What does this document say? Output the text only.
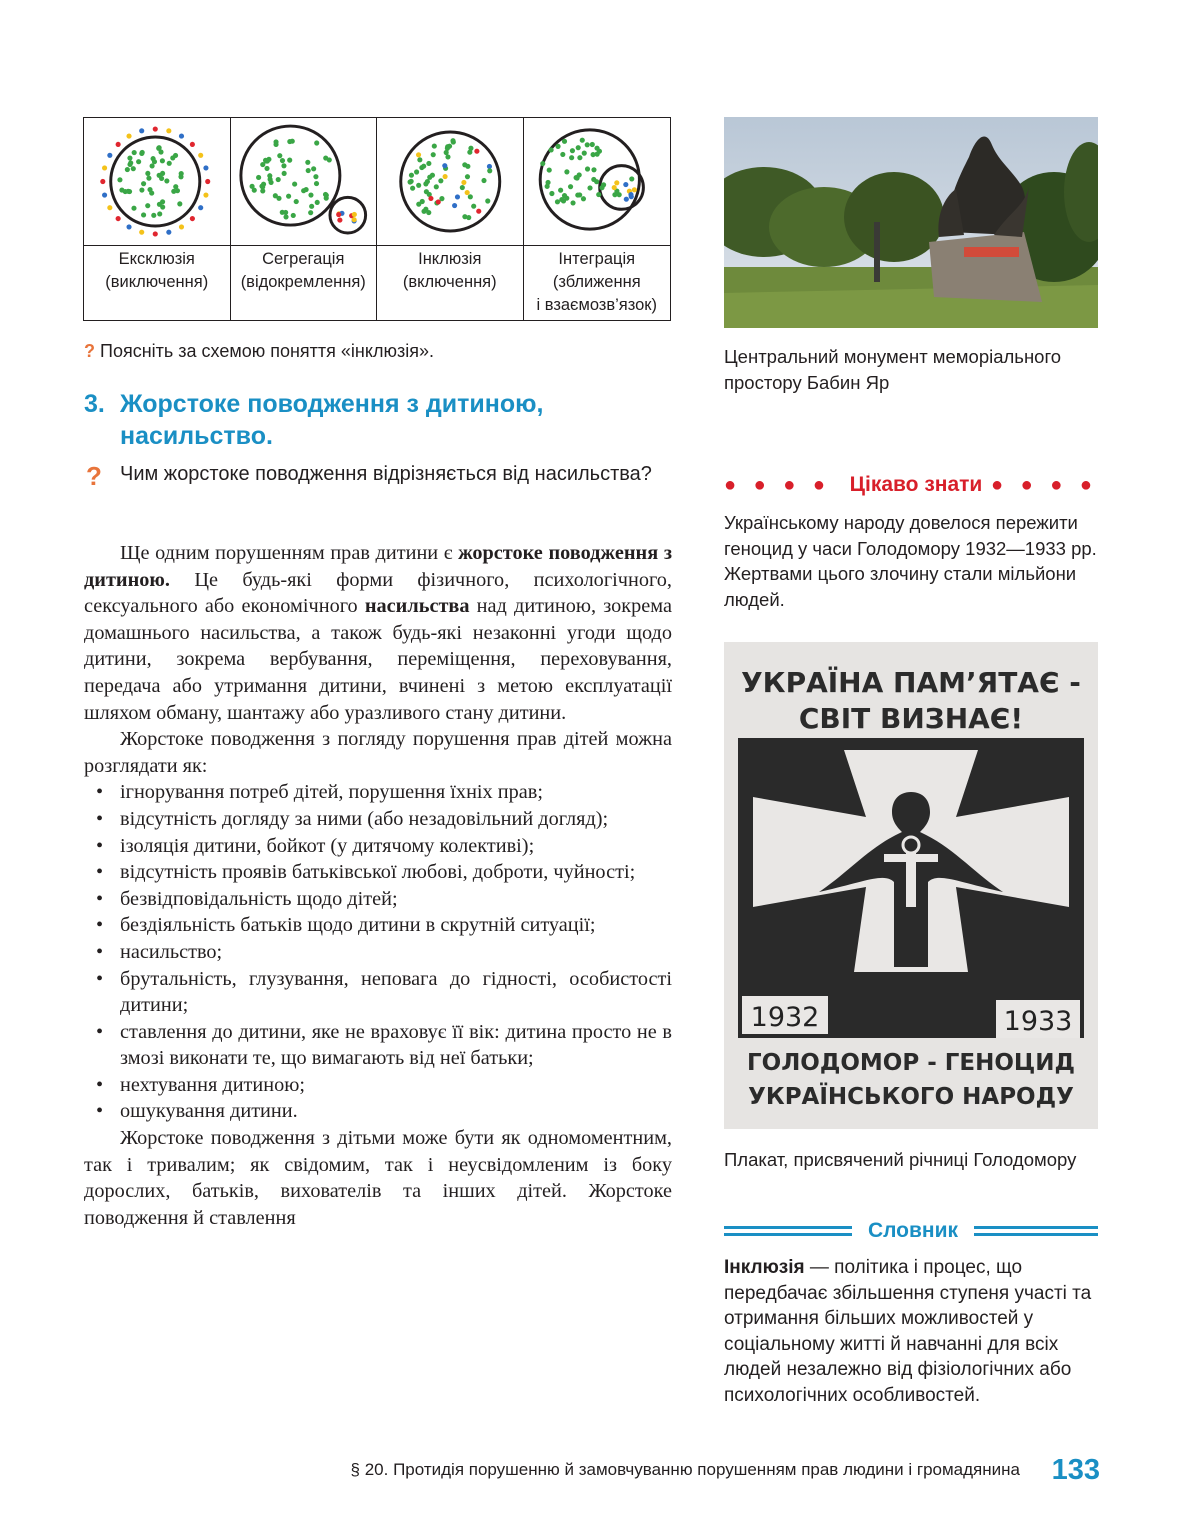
Ексклюзія
(виключення)
Сегрегація
(відокремлення)
Інклюзія
(включення)
Інтеграція
(зближення
і взаємозв’язок)
? Поясніть за схемою поняття «інклюзія».
3. Жорстоке поводження з дитиною,
насильство.
? Чим жорстоке поводження відрізняється від насильства?

Ще одним порушенням прав дитини є жорстоке поводження з дитиною. Це будь-які форми фізичного, психологічного, сексуального або економічного насильства над дитиною, зокрема домашнього насильства, а також будь-які незаконні угоди щодо дитини, зокрема вербування, переміщення, переховування, передача або утримання дитини, вчинені з метою експлуатації шляхом обману, шантажу або уразливого стану дитини.

Жорстоке поводження з погляду порушення прав дітей можна розглядати як:

• ігнорування потреб дітей, порушення їхніх прав;
• відсутність догляду за ними (або незадовільний догляд);
• ізоляція дитини, бойкот (у дитячому колективі);
• відсутність проявів батьківської любові, доброти, чуйності;
• безвідповідальність щодо дітей;
• бездіяльність батьків щодо дитини в скрутній ситуації;
• насильство;
• брутальність, глузування, неповага до гідності, особистості дитини;
• ставлення до дитини, яке не враховує її вік: дитина просто не в змозі виконати те, що вимагають від неї батьки;
• нехтування дитиною;
• ошукування дитини.

Жорстоке поводження з дітьми може бути як одномоментним, так і тривалим; як свідомим, так і неусвідомленим із боку дорослих, батьків, вихователів та інших дітей. Жорстоке поводження й ставлення

Центральний монумент меморіального простору Бабин Яр
● ● ● ● Цікаво знати ● ● ● ●
Українському народу довелося пережити геноцид у часи Голодомору 1932—1933 рр. Жертвами цього злочину стали мільйони людей.
УКРАЇНА ПАМ’ЯТАЄ -
СВІТ ВИЗНАЄ!
1932	1933
ГОЛОДОМОР - ГЕНОЦИД
УКРАЇНСЬКОГО НАРОДУ
Плакат, присвячений річниці Голодомору
Словник
Інклюзія — політика і процес, що передбачає збільшення ступеня участі та отримання більших можливостей у соціальному житті й навчанні для всіх людей незалежно від фізіологічних або психологічних особливостей.
§ 20. Протидія порушенню й замовчуванню порушенням прав людини і громадянина 133
